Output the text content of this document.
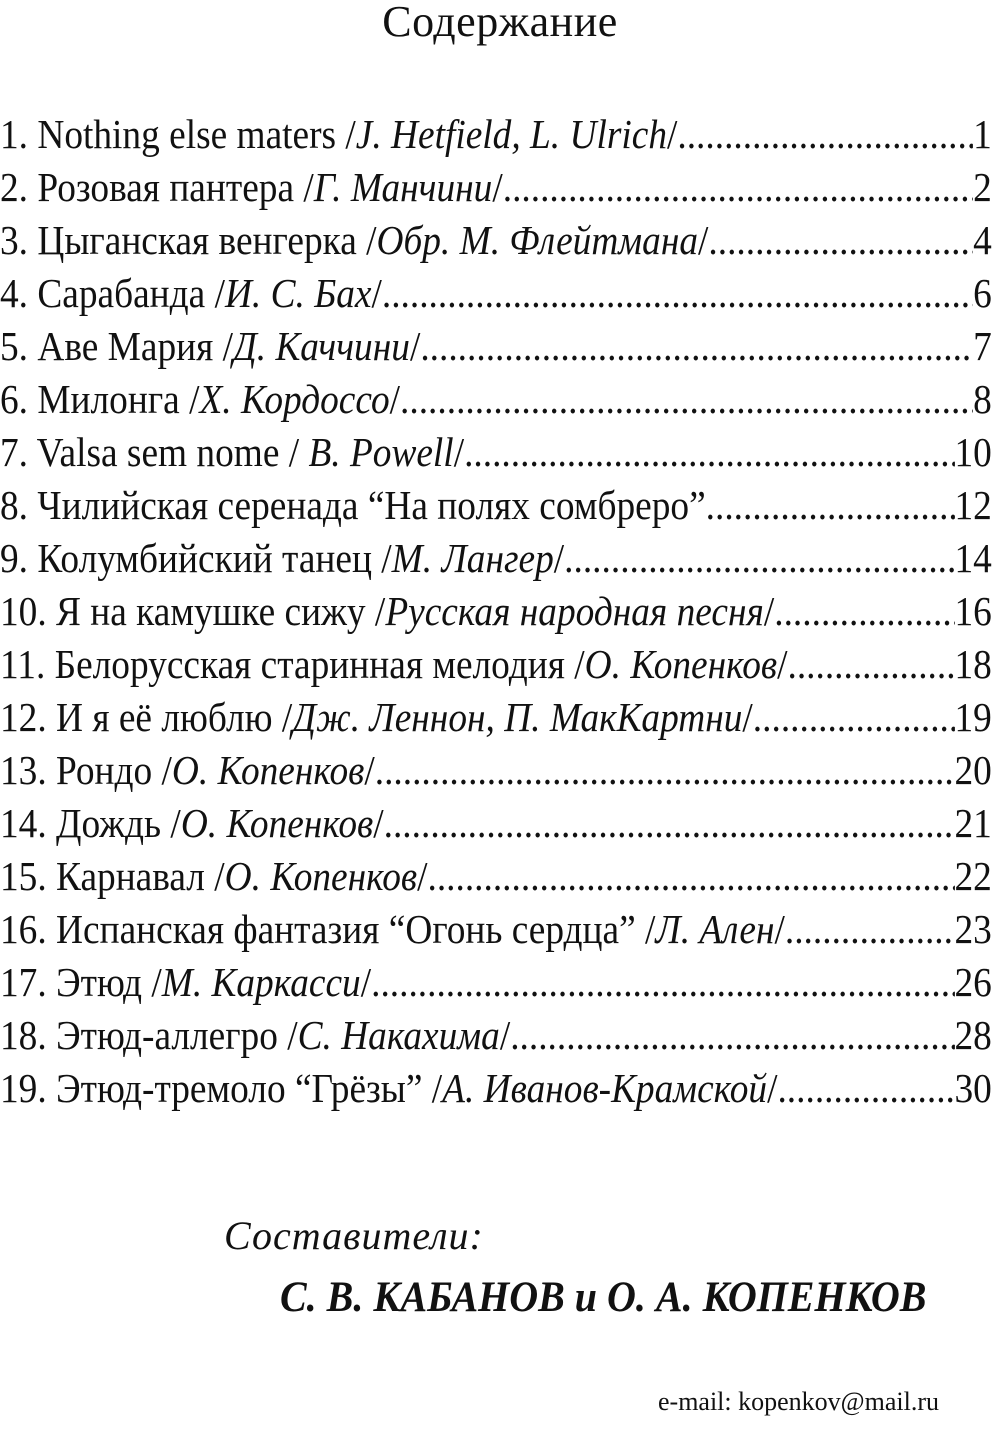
Содержание
1. Nothing else maters /J. Hetfield, L. Ulrich/ .....	1
2. Розовая пантера /Г. Манчини/ .....	2
3. Цыганская венгерка /Обр. М. Флейтмана/ .....	4
4. Сарабанда /И. С. Бах/ .....	6
5. Аве Мария /Д. Каччини/ .....	7
6. Милонга /Х. Кордоссо/ .....	8
7. Valsa sem nome / B. Powell/ .....	10
8. Чилийская серенада “На полях сомбреро” .....	12
9. Колумбийский танец /М. Лангер/ .....	14
10. Я на камушке сижу /Русская народная песня/ .....	16
11. Белорусская старинная мелодия /О. Копенков/ .....	18
12. И я её люблю /Дж. Леннон, П. МакКартни/ .....	19
13. Рондо /О. Копенков/ .....	20
14. Дождь /О. Копенков/ .....	21
15. Карнавал /О. Копенков/ .....	22
16. Испанская фантазия “Огонь сердца” /Л. Ален/ .....	23
17. Этюд /М. Каркасси/ .....	26
18. Этюд-аллегро /С. Накахима/ .....	28
19. Этюд-тремоло “Грёзы” /А. Иванов-Крамской/ .....	30
Составители:
С. В. КАБАНОВ и О. А. КОПЕНКОВ
e-mail: kopenkov@mail.ru
